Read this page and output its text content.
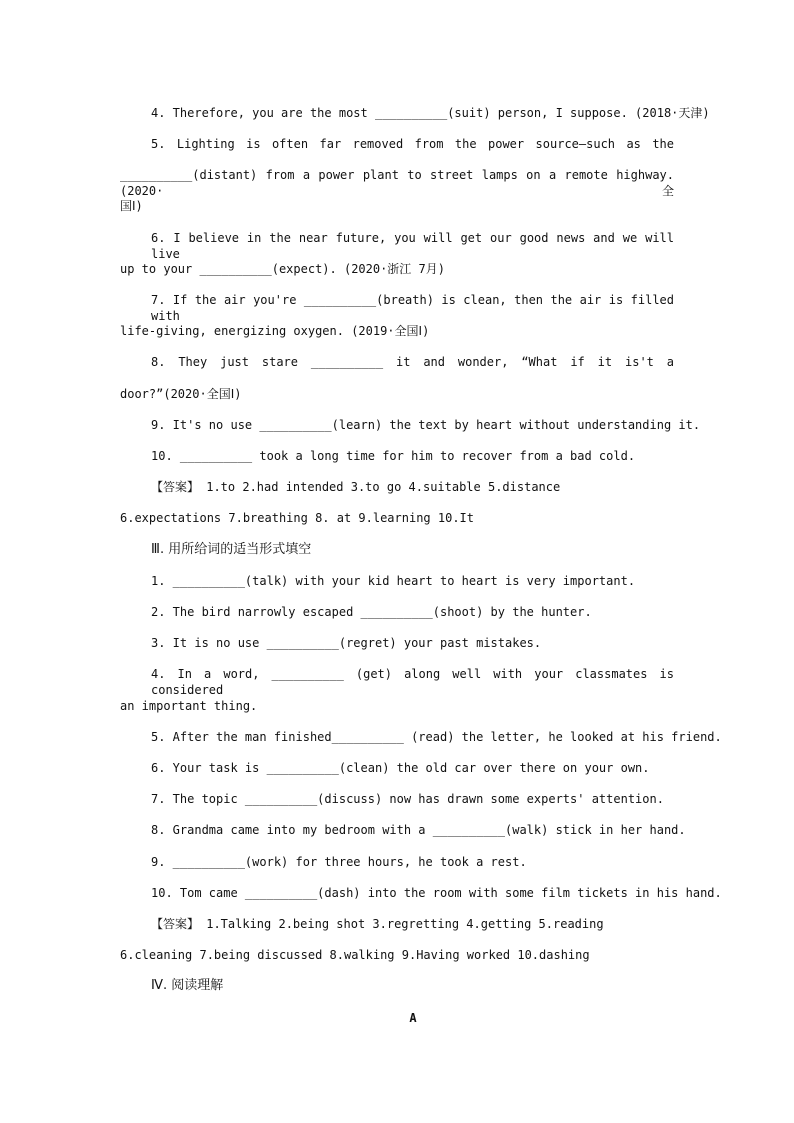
4. Therefore, you are the most __________(suit) person, I suppose. (2018·天津)
5. Lighting is often far removed from the power source—such as the
__________(distant) from a power plant to street lamps on a remote highway. (2020·全
国Ⅰ)
6. I believe in the near future, you will get our good news and we will live
up to your __________(expect). (2020·浙江 7月)
7. If the air you're __________(breath) is clean, then the air is filled with
life-giving, energizing oxygen. (2019·全国Ⅰ)
8. They just stare __________ it and wonder, “What if it is't a
door?”(2020·全国Ⅰ)
9. It's no use __________(learn) the text by heart without understanding it.
10. __________ took a long time for him to recover from a bad cold.
【答案】 1.to 2.had intended 3.to go 4.suitable 5.distance
6.expectations 7.breathing 8. at 9.learning 10.It
Ⅲ. 用所给词的适当形式填空
1. __________(talk) with your kid heart to heart is very important.
2. The bird narrowly escaped __________(shoot) by the hunter.
3. It is no use __________(regret) your past mistakes.
4. In a word, __________ (get) along well with your classmates is considered
an important thing.
5. After the man finished__________ (read) the letter, he looked at his friend.
6. Your task is __________(clean) the old car over there on your own.
7. The topic __________(discuss) now has drawn some experts' attention.
8. Grandma came into my bedroom with a __________(walk) stick in her hand.
9. __________(work) for three hours, he took a rest.
10. Tom came __________(dash) into the room with some film tickets in his hand.
【答案】 1.Talking 2.being shot 3.regretting 4.getting 5.reading
6.cleaning 7.being discussed 8.walking 9.Having worked 10.dashing
Ⅳ. 阅读理解
A
